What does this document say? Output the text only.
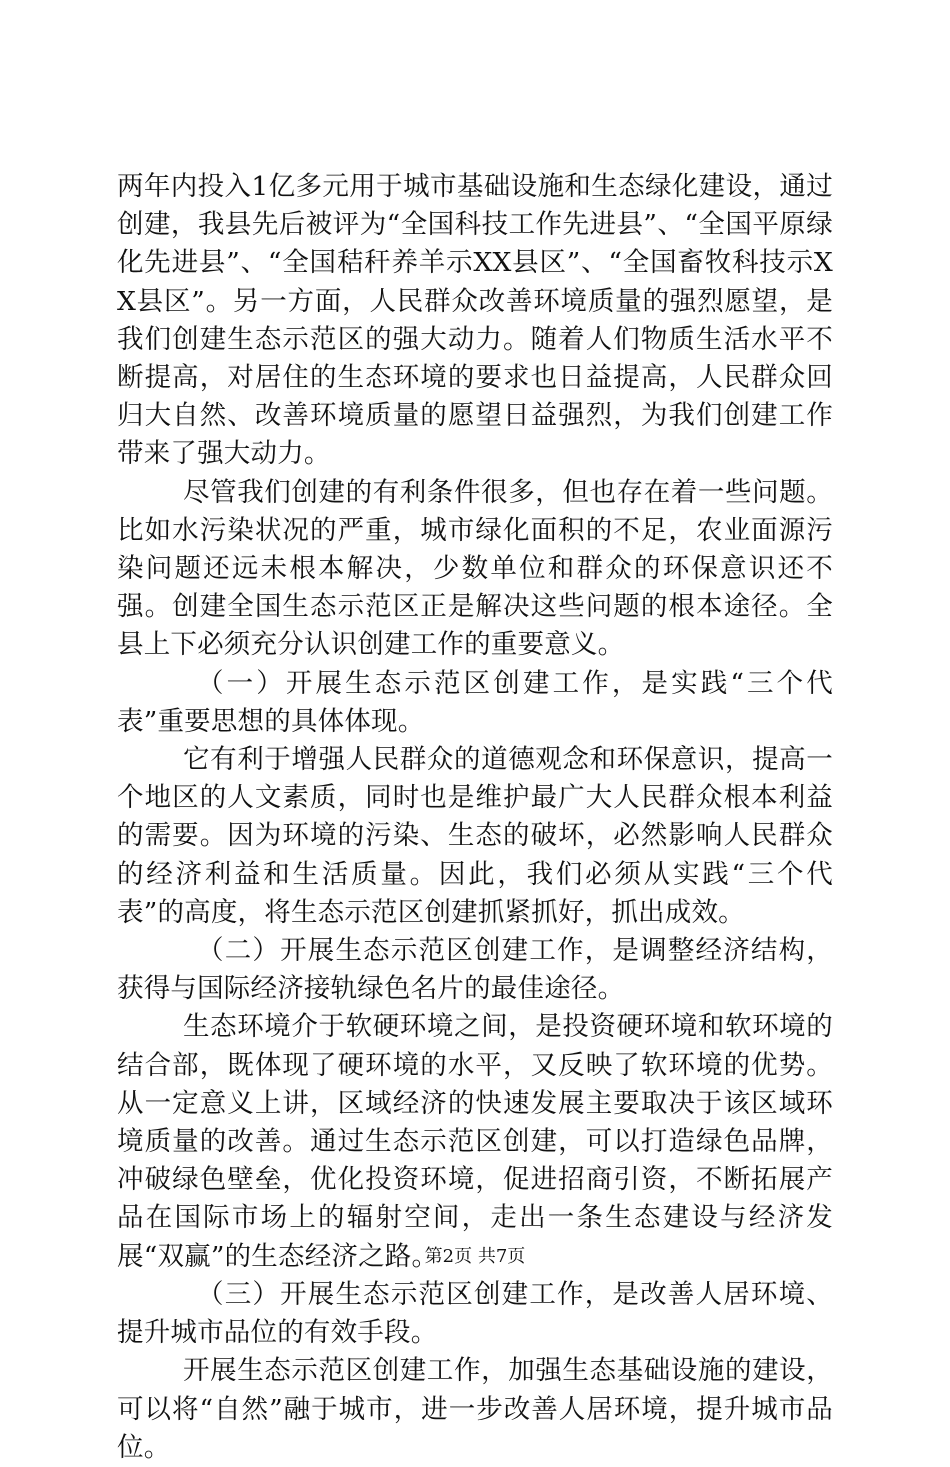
两年内投入1亿多元用于城市基础设施和生态绿化建设，通过创建，我县先后被评为“全国科技工作先进县”、“全国平原绿化先进县”、“全国秸秆养羊示XX县区”、“全国畜牧科技示XX县区”。另一方面，人民群众改善环境质量的强烈愿望，是我们创建生态示范区的强大动力。随着人们物质生活水平不断提高，对居住的生态环境的要求也日益提高，人民群众回归大自然、改善环境质量的愿望日益强烈，为我们创建工作带来了强大动力。

尽管我们创建的有利条件很多，但也存在着一些问题。比如水污染状况的严重，城市绿化面积的不足，农业面源污染问题还远未根本解决，少数单位和群众的环保意识还不强。创建全国生态示范区正是解决这些问题的根本途径。全县上下必须充分认识创建工作的重要意义。

（一）开展生态示范区创建工作，是实践“三个代表”重要思想的具体体现。

它有利于增强人民群众的道德观念和环保意识，提高一个地区的人文素质，同时也是维护最广大人民群众根本利益的需要。因为环境的污染、生态的破坏，必然影响人民群众的经济利益和生活质量。因此，我们必须从实践“三个代表”的高度，将生态示范区创建抓紧抓好，抓出成效。

（二）开展生态示范区创建工作，是调整经济结构，获得与国际经济接轨绿色名片的最佳途径。

生态环境介于软硬环境之间，是投资硬环境和软环境的结合部，既体现了硬环境的水平，又反映了软环境的优势。从一定意义上讲，区域经济的快速发展主要取决于该区域环境质量的改善。通过生态示范区创建，可以打造绿色品牌，冲破绿色壁垒，优化投资环境，促进招商引资，不断拓展产品在国际市场上的辐射空间，走出一条生态建设与经济发展“双赢”的生态经济之路。

（三）开展生态示范区创建工作，是改善人居环境、提升城市品位的有效手段。

开展生态示范区创建工作，加强生态基础设施的建设，可以将“自然”融于城市，进一步改善人居环境，提升城市品位。

第2页 共7页
